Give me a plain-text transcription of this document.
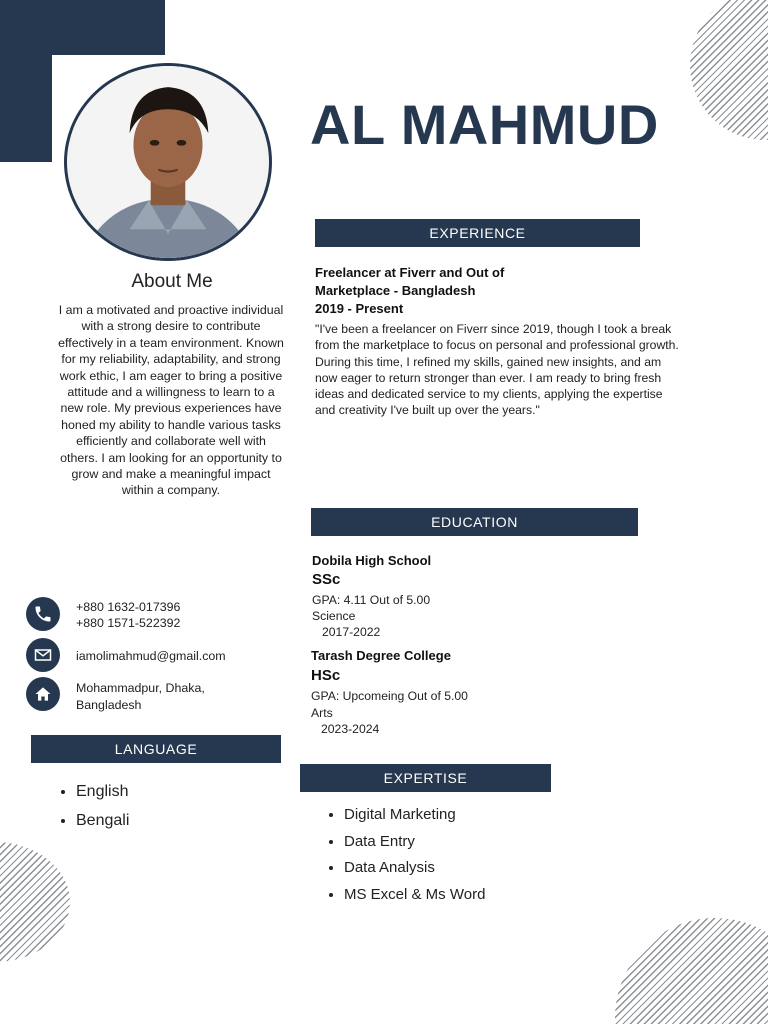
AL MAHMUD
About Me
I am a motivated and proactive individual with a strong desire to contribute effectively in a team environment. Known for my reliability, adaptability, and strong work ethic, I am eager to bring a positive attitude and a willingness to learn to a new role. My previous experiences have honed my ability to handle various tasks efficiently and collaborate well with others. I am looking for an opportunity to grow and make a meaningful impact within a company.
+880 1632-017396
+880 1571-522392
iamolimahmud@gmail.com
Mohammadpur, Dhaka,
Bangladesh
LANGUAGE
• English
• Bengali
EXPERIENCE
Freelancer at Fiverr and Out of
Marketplace - Bangladesh
2019 - Present
"I've been a freelancer on Fiverr since 2019, though I took a break from the marketplace to focus on personal and professional growth. During this time, I refined my skills, gained new insights, and am now eager to return stronger than ever. I am ready to bring fresh ideas and dedicated service to my clients, applying the expertise and creativity I've built up over the years."
EDUCATION
Dobila High School
SSc
GPA: 4.11 Out of 5.00
Science
2017-2022
Tarash Degree College
HSc
GPA: Upcomeing Out of 5.00
Arts
2023-2024
EXPERTISE
• Digital Marketing
• Data Entry
• Data Analysis
• MS Excel & Ms Word
